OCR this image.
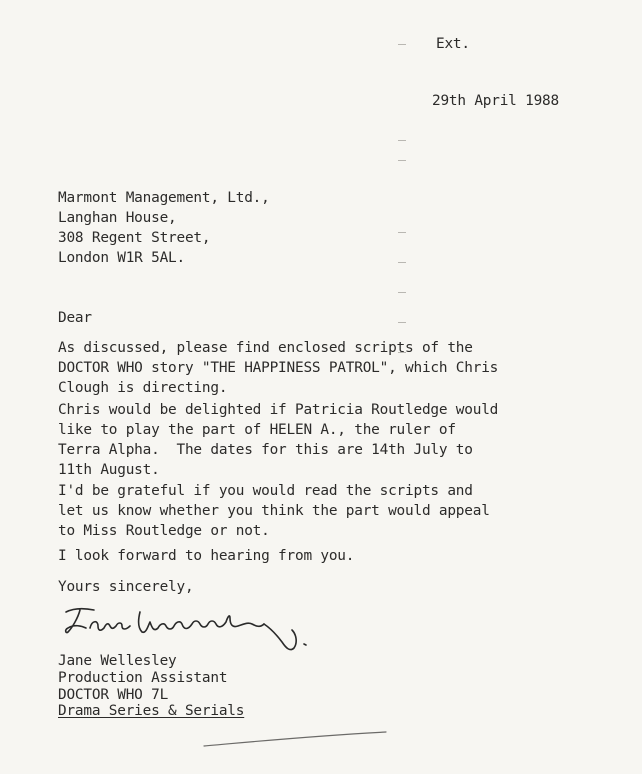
Ext.
29th April 1988
Marmont Management, Ltd.,
Langhan House,
308 Regent Street,
London W1R 5AL.
Dear
As discussed, please find enclosed scripts of the
DOCTOR WHO story "THE HAPPINESS PATROL", which Chris
Clough is directing.
Chris would be delighted if Patricia Routledge would
like to play the part of HELEN A., the ruler of
Terra Alpha.  The dates for this are 14th July to
11th August.
I'd be grateful if you would read the scripts and
let us know whether you think the part would appeal
to Miss Routledge or not.
I look forward to hearing from you.
Yours sincerely,
Jane Wellesley
Production Assistant
DOCTOR WHO 7L
Drama Series & Serials
